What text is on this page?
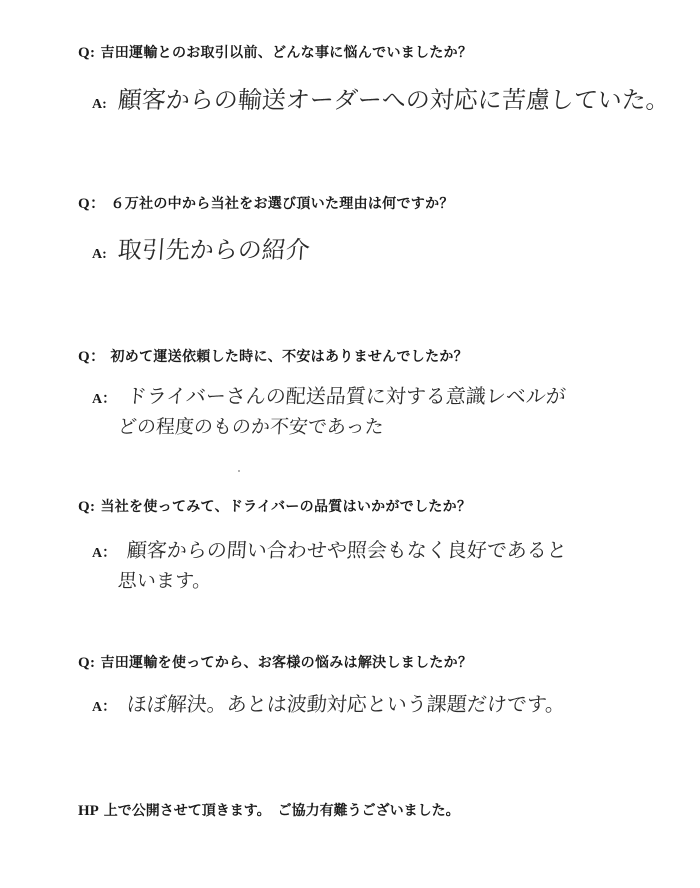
Q: 吉田運輸とのお取引以前、どんな事に悩んでいましたか？
A: 顧客からの輸送オーダーへの対応に苦慮していた。
Q： ６万社の中から当社をお選び頂いた理由は何ですか？
A: 取引先からの紹介
Q： 初めて運送依頼した時に、不安はありませんでしたか？
A： ドライバーさんの配送品質に対する意識レベルが
どの程度のものか不安であった
Q: 当社を使ってみて、ドライバーの品質はいかがでしたか？
A： 顧客からの問い合わせや照会もなく良好であると
思います。
Q: 吉田運輸を使ってから、お客様の悩みは解決しましたか？
A： ほぼ解決。あとは波動対応という課題だけです。
HP 上で公開させて頂きます。　ご協力有難うございました。
